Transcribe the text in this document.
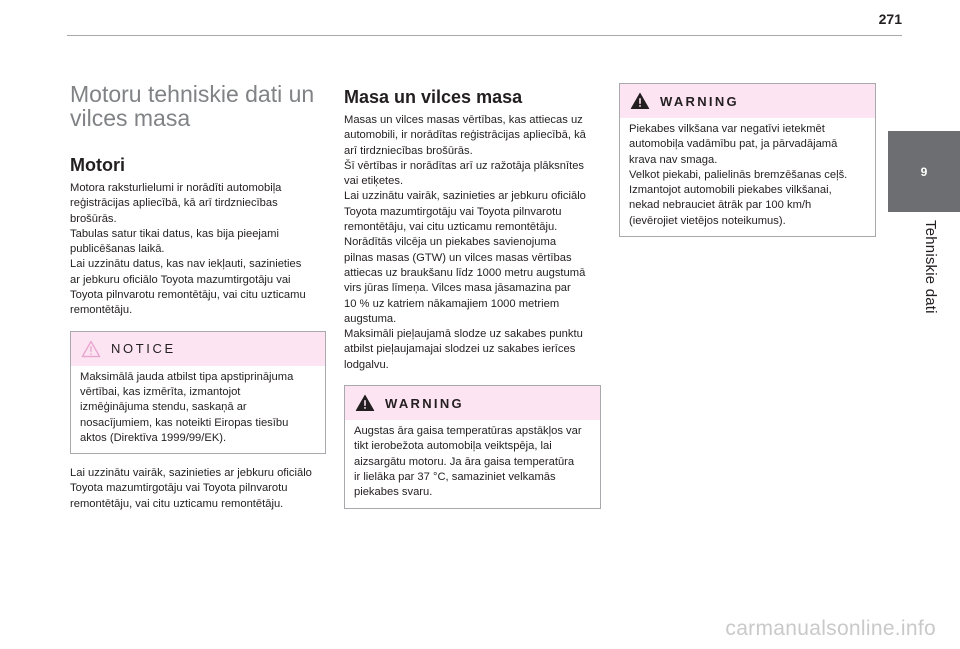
271
9
Tehniskie dati
Motoru tehniskie dati un
vilces masa
Motori

Motora raksturlielumi ir norādīti automobiļa
reģistrācijas apliecībā, kā arī tirdzniecības
brošūrās.
Tabulas satur tikai datus, kas bija pieejami
publicēšanas laikā.
Lai uzzinātu datus, kas nav iekļauti, sazinieties
ar jebkuru oficiālo Toyota mazumtirgotāju vai
Toyota pilnvarotu remontētāju, vai citu uzticamu
remontētāju.

NOTICE
Maksimālā jauda atbilst tipa apstiprinājuma
vērtībai, kas izmērīta, izmantojot
izmēģinājuma stendu, saskaņā ar
nosacījumiem, kas noteikti Eiropas tiesību
aktos (Direktīva 1999/99/EK).

Lai uzzinātu vairāk, sazinieties ar jebkuru oficiālo
Toyota mazumtirgotāju vai Toyota pilnvarotu
remontētāju, vai citu uzticamu remontētāju.

Masa un vilces masa

Masas un vilces masas vērtības, kas attiecas uz
automobili, ir norādītas reģistrācijas apliecībā, kā
arī tirdzniecības brošūrās.
Šī vērtības ir norādītas arī uz ražotāja plāksnītes
vai etiķetes.
Lai uzzinātu vairāk, sazinieties ar jebkuru oficiālo
Toyota mazumtirgotāju vai Toyota pilnvarotu
remontētāju, vai citu uzticamu remontētāju.
Norādītās vilcēja un piekabes savienojuma
pilnas masas (GTW) un vilces masas vērtības
attiecas uz braukšanu līdz 1000 metru augstumā
virs jūras līmeņa. Vilces masa jāsamazina par
10 % uz katriem nākamajiem 1000 metriem
augstuma.
Maksimāli pieļaujamā slodze uz sakabes punktu
atbilst pieļaujamajai slodzei uz sakabes ierīces
lodgalvu.

WARNING
Augstas āra gaisa temperatūras apstākļos var
tikt ierobežota automobiļa veiktspēja, lai
aizsargātu motoru. Ja āra gaisa temperatūra
ir lielāka par 37 °C, samaziniet velkamās
piekabes svaru.
WARNING
Piekabes vilkšana var negatīvi ietekmēt
automobiļa vadāmību pat, ja pārvadājamā
krava nav smaga.
Velkot piekabi, palielinās bremzēšanas ceļš.
Izmantojot automobili piekabes vilkšanai,
nekad nebrauciet ātrāk par 100 km/h
(ievērojiet vietējos noteikumus).
carmanualsonline.info
